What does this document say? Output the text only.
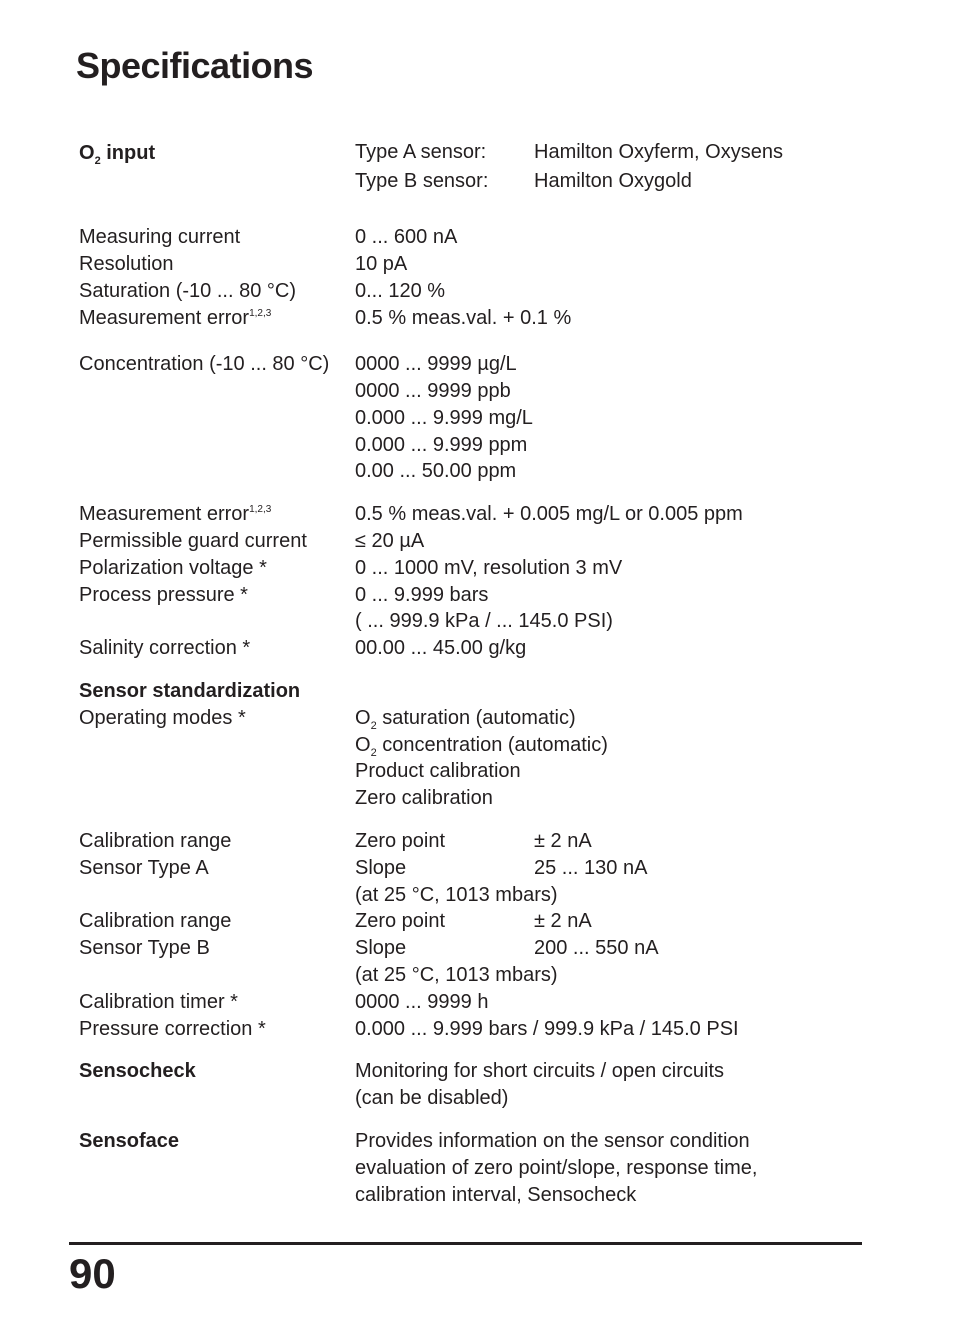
Specifications
$O_2$ input	Type A sensor: Hamilton Oxyferm, Oxysens
Type B sensor: Hamilton Oxygold
Measuring current	0 ... 600 nA
Resolution	10 pA
Saturation (-10 ... 80 °C)	0... 120 %
Measurement error$^{1,2,3}$	0.5 % meas.val. + 0.1 %
Concentration (-10 ... 80 °C) 0000 ... 9999 µg/L
0000 ... 9999 ppb
0.000 ... 9.999 mg/L
0.000 ... 9.999 ppm
0.00 ... 50.00 ppm
Measurement error$^{1,2,3}$	0.5 % meas.val. + 0.005 mg/L or 0.005 ppm
Permissible guard current ≤ 20 µA
Polarization voltage *	0 ... 1000 mV, resolution 3 mV
Process pressure *	0 ... 9.999 bars
( ... 999.9 kPa / ... 145.0 PSI)
Salinity correction *	00.00 ... 45.00 g/kg
Sensor standardization
Operating modes *	$O_2$ saturation (automatic)
$O_2$ concentration (automatic)
Product calibration
Zero calibration
Calibration range	Zero point	± 2 nA
Sensor Type A	Slope	25 ... 130 nA
(at 25 °C, 1013 mbars)
Calibration range	Zero point	± 2 nA
Sensor Type B	Slope	200 ... 550 nA
(at 25 °C, 1013 mbars)
Calibration timer *	0000 ... 9999 h
Pressure correction *	0.000 ... 9.999 bars / 999.9 kPa / 145.0 PSI
Sensocheck	Monitoring for short circuits / open circuits
(can be disabled)
Sensoface	Provides information on the sensor condition
evaluation of zero point/slope, response time,
calibration interval, Sensocheck
90
